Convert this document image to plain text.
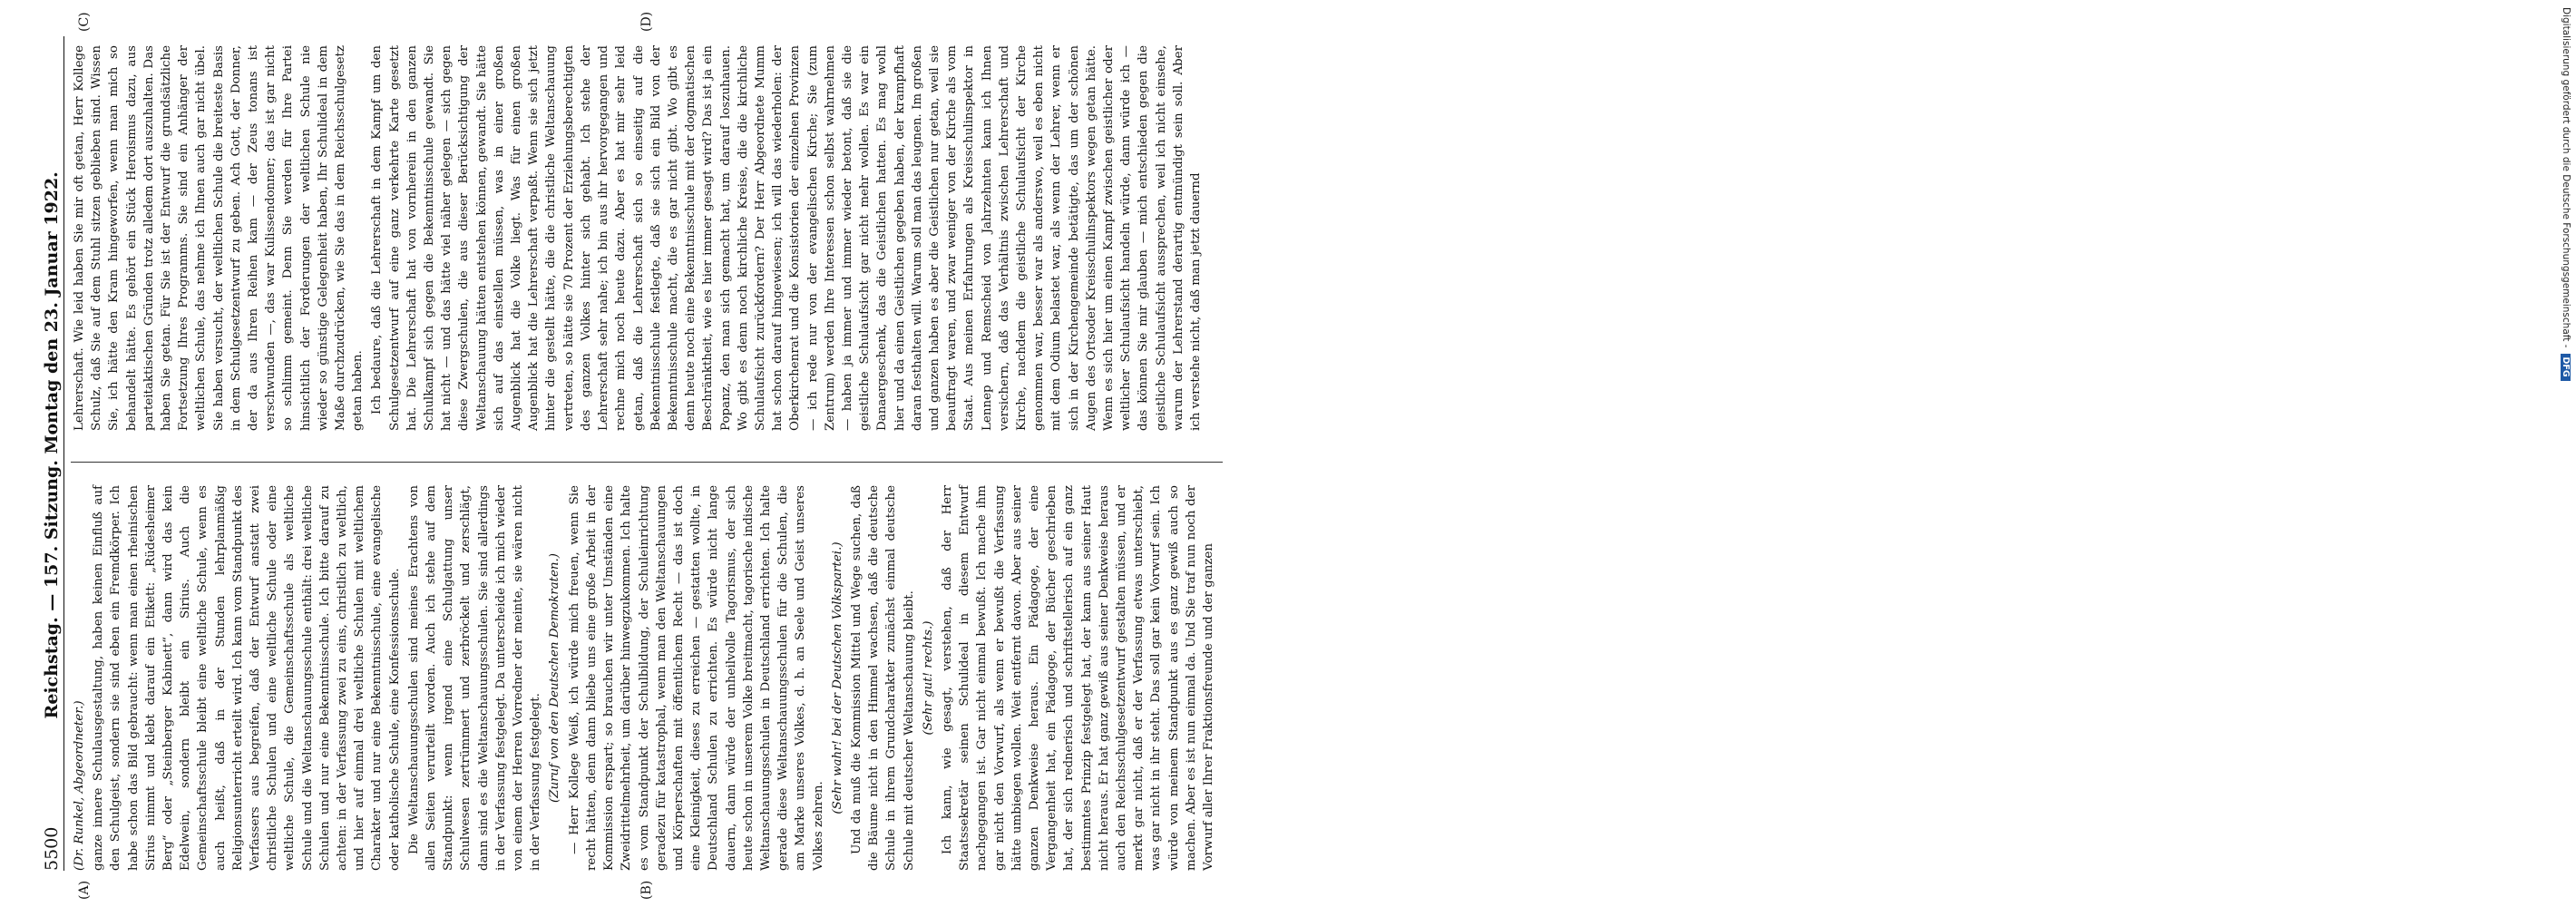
5500
Reichstag. — 157. Sitzung. Montag den 23. Januar 1922.
(A)	(B)
(C)	(D)

(Dr. Runkel, Abgeordneter.) ganze innere Schulausgestaltung, haben keinen Einfluß auf den Schulgeist, sondern sie sind eben ein Fremdkörper. Ich habe schon das Bild gebraucht: wenn man einen rheinischen Sirius nimmt und klebt darauf ein Etikett: „Rüdesheimer Berg“ oder „Steinberger Kabinett“, dann wird das kein Edelwein, sondern bleibt ein Sirius. Auch die Gemeinschaftsschule bleibt eine weltliche Schule, wenn es auch heißt, daß in der Stunden lehrplanmäßig Religionsunterricht erteilt wird. Ich kann vom Standpunkt des Verfassers aus begreifen, daß der Entwurf anstatt zwei christliche Schulen und eine weltliche Schule oder eine weltliche Schule, die Gemeinschaftsschule als weltliche Schule und die Weltanschauungsschule enthält: drei weltliche Schulen und nur eine Bekenntnisschule. Ich bitte darauf zu achten: in der Verfassung zwei zu eins, christlich zu weltlich, und hier auf einmal drei weltliche Schulen mit weltlichem Charakter und nur eine Bekenntnisschule, eine evangelische oder katholische Schule, eine Konfessionsschule. Die Weltanschauungsschulen sind meines Erachtens von allen Seiten verurteilt worden. Auch ich stehe auf dem Standpunkt: wenn irgend eine Schulgattung unser Schulwesen zertrümmert und zerbröckelt und zerschlägt, dann sind es die Weltanschauungsschulen. Sie sind allerdings in der Verfassung festgelegt. Da unterscheide ich mich wieder von einem der Herren Vorredner der meinte, sie wären nicht in der Verfassung festgelegt. (Zuruf von den Deutschen Demokraten.) — Herr Kollege Weiß, ich würde mich freuen, wenn Sie recht hätten, denn dann bliebe uns eine große Arbeit in der Kommission erspart; so brauchen wir unter Umständen eine Zweidrittelmehrheit, um darüber hinwegzukommen. Ich halte es vom Standpunkt der Schulbildung, der Schuleinrichtung geradezu für katastrophal, wenn man den Weltanschauungen und Körperschaften mit öffentlichem Recht — das ist doch eine Kleinigkeit, dieses zu erreichen — gestatten wollte, in Deutschland Schulen zu errichten. Es würde nicht lange dauern, dann würde der unheilvolle Tagorismus, der sich heute schon in unserem Volke breitmacht, tagorische indische Weltanschauungsschulen in Deutschland errichten. Ich halte gerade diese Weltanschauungsschulen für die Schulen, die am Marke unseres Volkes, d. h. an Seele und Geist unseres Volkes zehren.

(Sehr wahr! bei der Deutschen Volkspartei.) Und da muß die Kommission Mittel und Wege suchen, daß die Bäume nicht in den Himmel wachsen, daß die deutsche Schule in ihrem Grundcharakter zunächst einmal deutsche Schule mit deutscher Weltanschauung bleibt. (Sehr gut! rechts.) Ich kann, wie gesagt, verstehen, daß der Herr Staatssekretär seinen Schulideal in diesem Entwurf nachgegangen ist. Gar nicht einmal bewußt. Ich mache ihm gar nicht den Vorwurf, als wenn er bewußt die Verfassung hätte umbiegen wollen. Weit entfernt davon. Aber aus seiner ganzen Denkweise heraus. Ein Pädagoge, der eine Vergangenheit hat, ein Pädagoge, der Bücher geschrieben hat, der sich rednerisch und schriftstellerisch auf ein ganz bestimmtes Prinzip festgelegt hat, der kann aus seiner Haut nicht heraus. Er hat ganz gewiß aus seiner Denkweise heraus auch den Reichsschulgesetzentwurf gestalten müssen, und er merkt gar nicht, daß er der Verfassung etwas unterschiebt, was gar nicht in ihr steht. Das soll gar kein Vorwurf sein. Ich würde von meinem Standpunkt aus es ganz gewiß auch so machen. Aber es ist nun einmal da. Und Sie traf nun noch der Vorwurf aller Ihrer Fraktionsfreunde und der ganzen

Lehrerschaft. Wie leid haben Sie mir oft getan, Herr Kollege Schulz, daß Sie auf dem Stuhl sitzen geblieben sind. Wissen Sie, ich hätte den Kram hingeworfen, wenn man mich so behandelt hätte. Es gehört ein Stück Heroismus dazu, aus parteitaktischen Gründen trotz alledem dort auszuhalten. Das haben Sie getan. Für Sie ist der Entwurf die grundsätzliche Fortsetzung Ihres Programms. Sie sind ein Anhänger der weltlichen Schule, das nehme ich Ihnen auch gar nicht übel. Sie haben versucht, der weltlichen Schule die breiteste Basis in dem Schulgesetzentwurf zu geben. Ach Gott, der Donner, der da aus Ihren Reihen kam — der Zeus tonans ist verschwunden —, das war Kulissendonner; das ist gar nicht so schlimm gemeint. Denn Sie werden für Ihre Partei hinsichtlich der Forderungen der weltlichen Schule nie wieder so günstige Gelegenheit haben, Ihr Schulideal in dem Maße durchzudrücken, wie Sie das in dem Reichsschulgesetz getan haben. Ich bedaure, daß die Lehrerschaft in dem Kampf um den Schulgesetzentwurf auf eine ganz verkehrte Karte gesetzt hat. Die Lehrerschaft hat von vornherein in den ganzen Schulkampf sich gegen die Bekenntnisschule gewandt. Sie hat nicht — und das hätte viel näher gelegen — sich gegen diese Zwergschulen, die aus dieser Berücksichtigung der Weltanschauung hätten entstehen können, gewandt. Sie hätte sich auf das einstellen müssen, was in einer großen Augenblick hat die Volke liegt. Was für einen großen Augenblick hat die Lehrerschaft verpaßt. Wenn sie sich jetzt hinter die gestellt hätte, die die christliche Weltanschauung vertreten, so hätte sie 70 Prozent der Erziehungsberechtigten des ganzen Volkes hinter sich gehabt. Ich stehe der Lehrerschaft sehr nahe; ich bin aus ihr hervorgegangen und rechne mich noch heute dazu. Aber es hat mir sehr leid getan, daß die Lehrerschaft sich so einseitig auf die Bekenntnisschule festlegte, daß sie sich ein Bild von der Bekenntnisschule macht, die es gar nicht gibt. Wo gibt es denn heute noch eine Bekenntnisschule mit der dogmatischen Beschränktheit, wie es hier immer gesagt wird? Das ist ja ein Popanz, den man sich gemacht hat, um darauf loszuhauen. Wo gibt es denn noch kirchliche Kreise, die die kirchliche Schulaufsicht zurückfordern? Der Herr Abgeordnete Mumm hat schon darauf hingewiesen; ich will das wiederholen: der Oberkirchenrat und die Konsistorien der einzelnen Provinzen — ich rede nur von der evangelischen Kirche; Sie (zum Zentrum) werden Ihre Interessen schon selbst wahrnehmen — haben ja immer und immer wieder betont, daß sie die geistliche Schulaufsicht gar nicht mehr wollen. Es war ein Danaergeschenk, das die Geistlichen hatten. Es mag wohl hier und da einen Geistlichen gegeben haben, der krampfhaft daran festhalten will. Warum soll man das leugnen. Im großen und ganzen haben es aber die Geistlichen nur getan, weil sie beauftragt waren, und zwar weniger von der Kirche als vom Staat. Aus meinen Erfahrungen als Kreisschulinspektor in Lennep und Remscheid von Jahrzehnten kann ich Ihnen versichern, daß das Verhältnis zwischen Lehrerschaft und Kirche, nachdem die geistliche Schulaufsicht der Kirche genommen war, besser war als anderswo, weil es eben nicht mit dem Odium belastet war, als wenn der Lehrer, wenn er sich in der Kirchengemeinde betätigte, das um der schönen Augen des Ortsoder Kreisschulinspektors wegen getan hätte. Wenn es sich hier um einen Kampf zwischen geistlicher oder weltlicher Schulaufsicht handeln würde, dann würde ich — das können Sie mir glauben — mich entschieden gegen die geistliche Schulaufsicht aussprechen, weil ich nicht einsehe, warum der Lehrerstand derartig entmündigt sein soll. Aber ich verstehe nicht, daß man jetzt dauernd	Digitalisierung gefördert durch die Deutsche Forschungsgemeinschaft -
DFG
